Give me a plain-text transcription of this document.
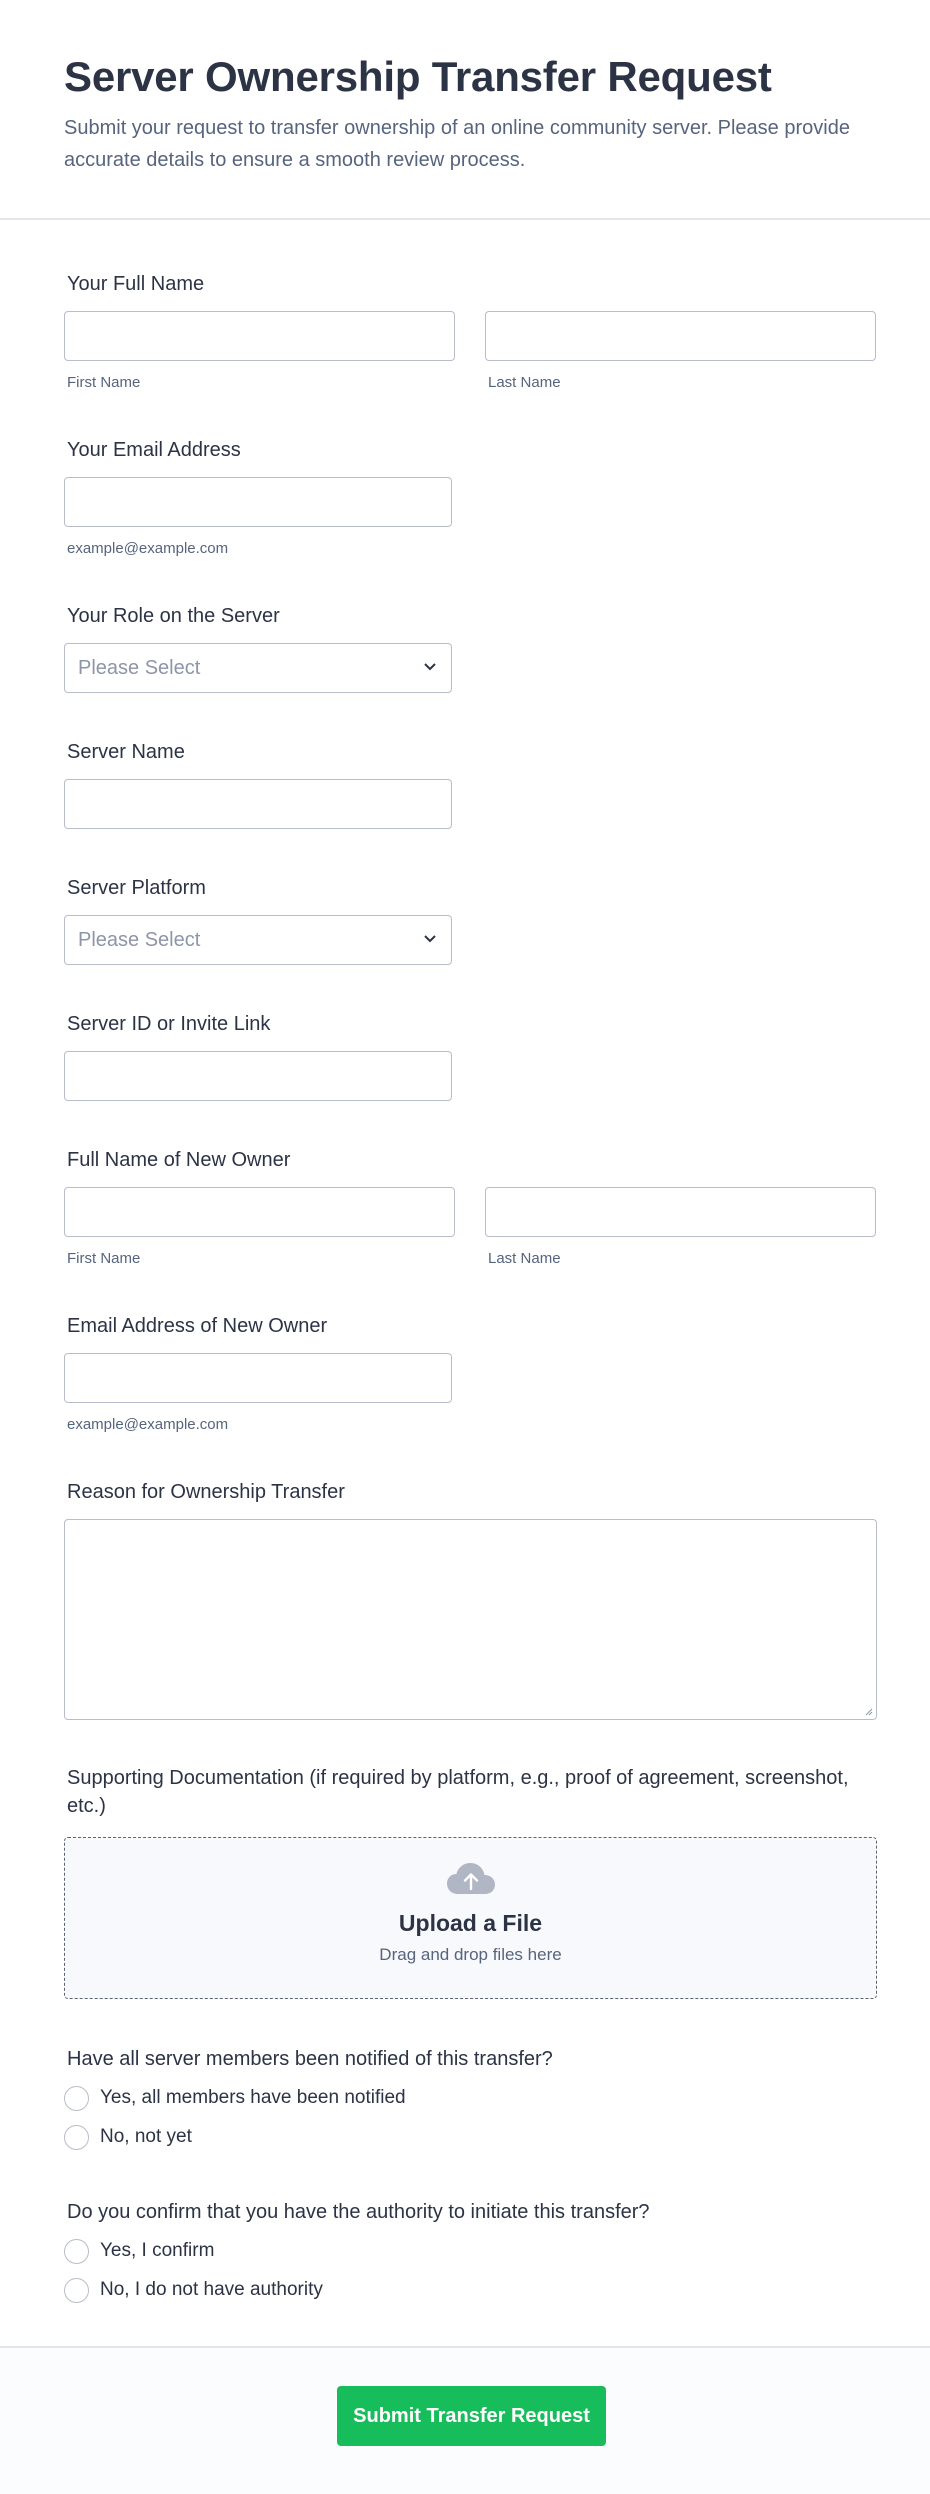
Server Ownership Transfer Request

Submit your request to transfer ownership of an online community server. Please provide accurate details to ensure a smooth review process.

Your Full Name
First Name	Last Name
Your Email Address
example@example.com
Your Role on the Server
Please Select
Server Name
Server Platform
Please Select
Server ID or Invite Link
Full Name of New Owner
First Name	Last Name
Email Address of New Owner
example@example.com
Reason for Ownership Transfer
Supporting Documentation (if required by platform, e.g., proof of agreement, screenshot, etc.)
Upload a File
Drag and drop files here
Have all server members been notified of this transfer?
Yes, all members have been notified
No, not yet
Do you confirm that you have the authority to initiate this transfer?
Yes, I confirm
No, I do not have authority
Submit Transfer Request
